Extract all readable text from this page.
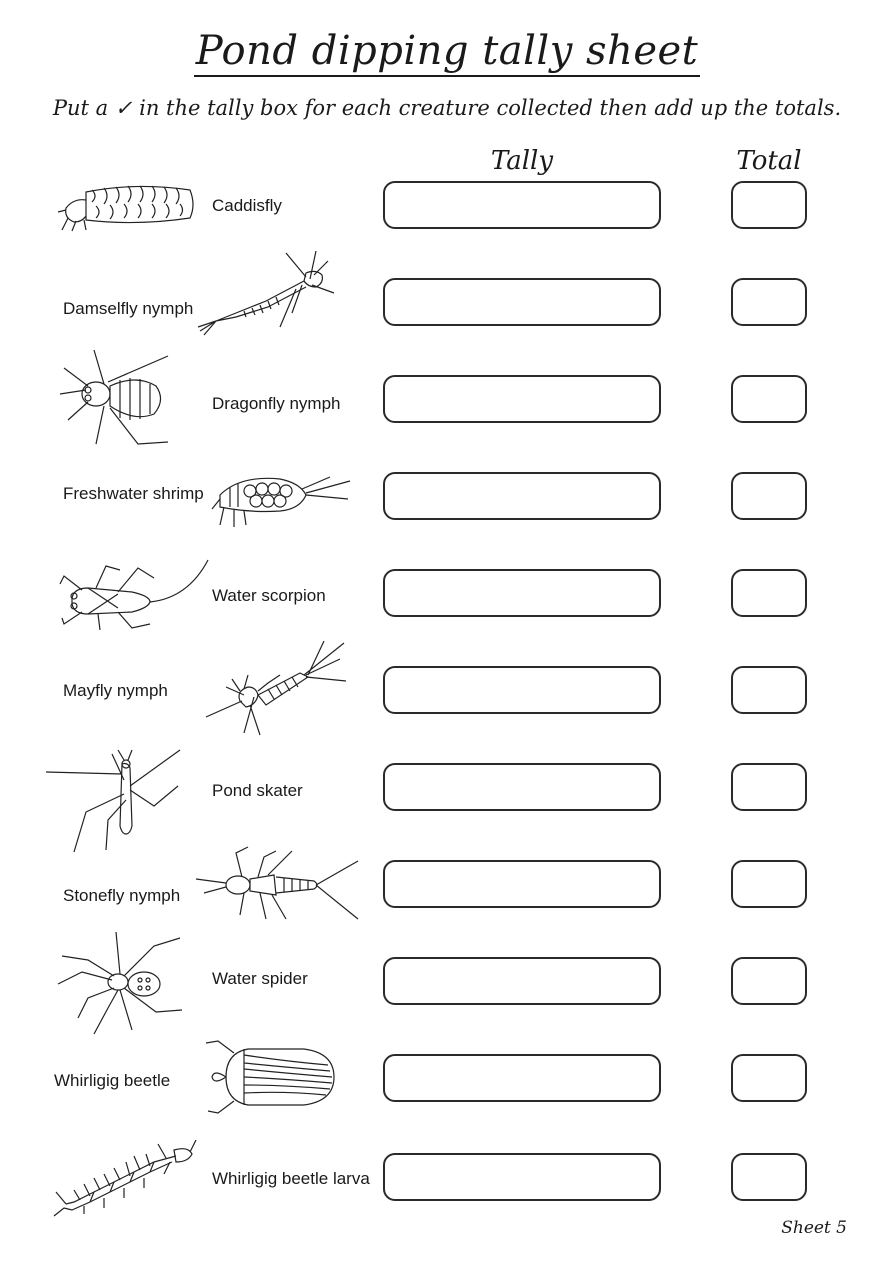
Pond dipping tally sheet
Put a ✓ in the tally box for each creature collected then add up the totals.
Tally	Total
Caddisfly
Damselfly nymph
Dragonfly nymph
Freshwater shrimp
Water scorpion
Mayfly nymph
Pond skater
Stonefly nymph
Water spider
Whirligig beetle
Whirligig beetle larva
Sheet 5
